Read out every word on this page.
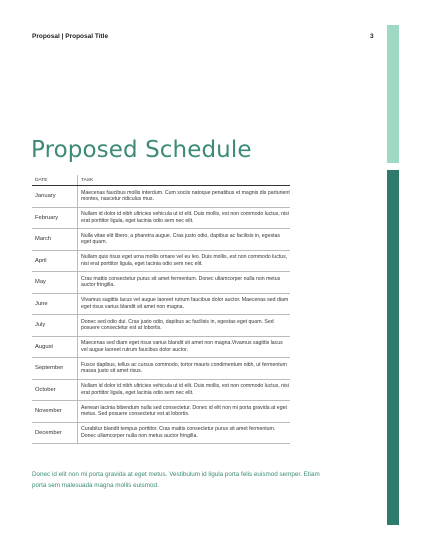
Proposal | Proposal Title	3
Proposed Schedule
DATE	TASK
January	Maecenas faucibus mollis interdum. Cum sociis natoque penatibus et magnis dis parturient montes, nascetur ridiculus mus.
February	Nullam id dolor id nibh ultricies vehicula ut id elit. Duis mollis, est non commodo luctus, nisi erat porttitor ligula, eget lacinia odio sem nec elit.
March	Nulla vitae elit libero, a pharetra augue. Cras justo odio, dapibus ac facilisis in, egestas eget quam.
April	Nullam quis risus eget urna mollis ornare vel eu leo. Duis mollis, est non commodo luctus, nisi erat porttitor ligula, eget lacinia odio sem nec elit.
May	Cras mattis consectetur purus sit amet fermentum. Donec ullamcorper nulla non metus auctor fringilla.
June	Vivamus sagittis lacus vel augue laoreet rutrum faucibus dolor auctor. Maecenas sed diam eget risus varius blandit sit amet non magna.
July	Donec sed odio dui. Cras justo odio, dapibus ac facilisis in, egestas eget quam. Sed posuere consectetur est at lobortis.
August	Maecenas sed diam eget risus varius blandit sit amet non magna.Vivamus sagittis lacus vel augue laoreet rutrum faucibus dolor auctor.
September	Fusce dapibus, tellus ac cursus commodo, tortor mauris condimentum nibh, ut fermentum massa justo sit amet risus.
October	Nullam id dolor id nibh ultricies vehicula ut id elit. Duis mollis, est non commodo luctus, nisi erat porttitor ligula, eget lacinia odio sem nec elit.
November	Aenean lacinia bibendum nulla sed consectetur. Donec id elit non mi porta gravida at eget metus. Sed posuere consectetur est at lobortis.
December	Curabitur blandit tempus porttitor. Cras mattis consectetur purus sit amet fermentum. Donec ullamcorper nulla non metus auctor fringilla.

Donec id elit non mi porta gravida at eget metus. Vestibulum id ligula porta felis euismod semper. Etiam porta sem malesuada magna mollis euismod.
